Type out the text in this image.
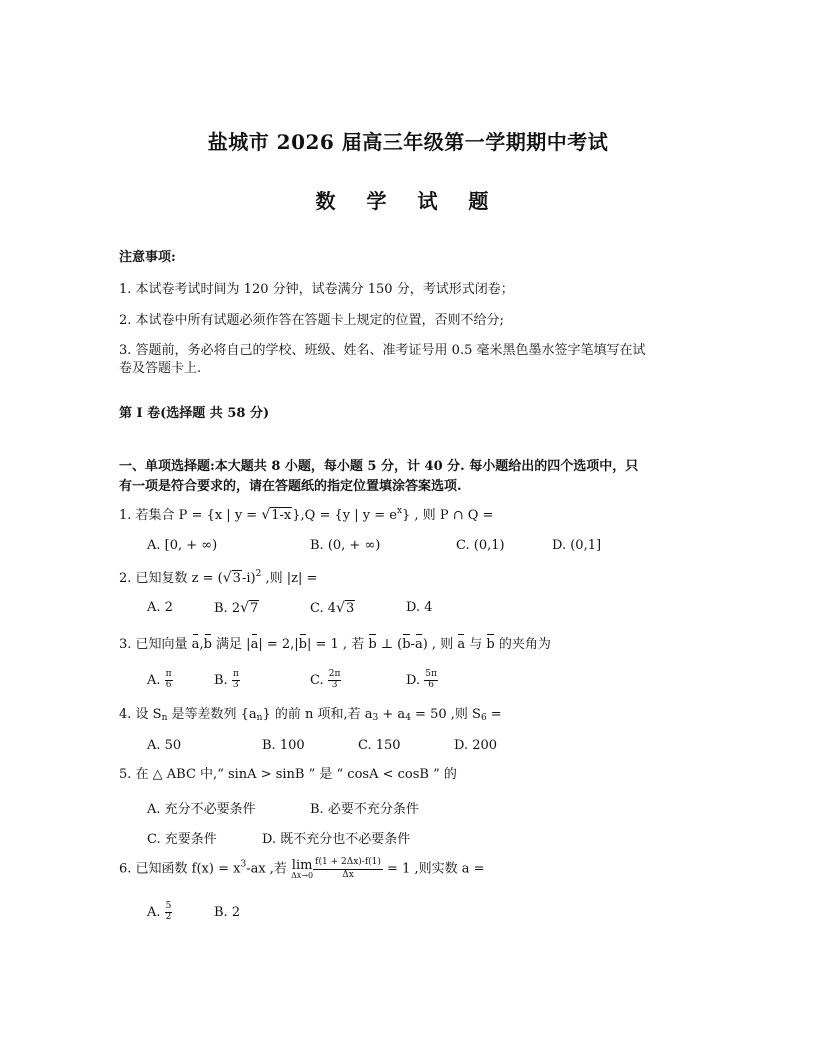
盐城市 2026 届高三年级第一学期期中考试
数 学 试 题
注意事项:
1. 本试卷考试时间为 120 分钟，试卷满分 150 分，考试形式闭卷；
2. 本试卷中所有试题必须作答在答题卡上规定的位置，否则不给分;
3. 答题前，务必将自己的学校、班级、姓名、准考证号用 0.5 毫米黑色墨水签字笔填写在试
卷及答题卡上.
第 I 卷(选择题 共 58 分)
一、单项选择题:本大题共 8 小题，每小题 5 分，计 40 分. 每小题给出的四个选项中，只
有一项是符合要求的，请在答题纸的指定位置填涂答案选项.
1. 若集合 P = {x | y = √1-x},Q = {y | $y = e^x$} , 则 P ∩ Q =
A. [0, + ∞)	B. (0, + ∞)	C. (0,1)	D. (0,1]
2. 已知复数 $z = (√3-i)^2$ ,则 |z| =
A. 2	B. 2√7	C. 4√3	D. 4
3. 已知向量 a,b 满足 |a| = 2,|b| = 1 , 若 b ⊥ (b-a) , 则 a 与 b 的夹角为
A. $\frac{\pi}{6}$	B. $\frac{\pi}{3}$	C. $\frac{2\pi}{3}$	D. $\frac{5\pi}{6}$
4. 设 $S_n$ 是等差数列 $\{a_n\}$ 的前 n 项和,若 $a_3 + a_4 = 50$ ,则 $S_6$ =
A. 50	B. 100	C. 150	D. 200
5. 在 △ ABC 中,“ sinA > sinB ” 是 “ cosA < cosB ” 的
A. 充分不必要条件	B. 必要不充分条件
C. 充要条件	D. 既不充分也不必要条件
6. 已知函数 $f(x) = x^3-ax$ ,若 lim
$\Delta x\to 0 \frac{f(1 + 2\Delta x)-f(1)}{\Delta x} = 1$ ,则实数 a =
A. $\frac{5}{2}$	B. 2
